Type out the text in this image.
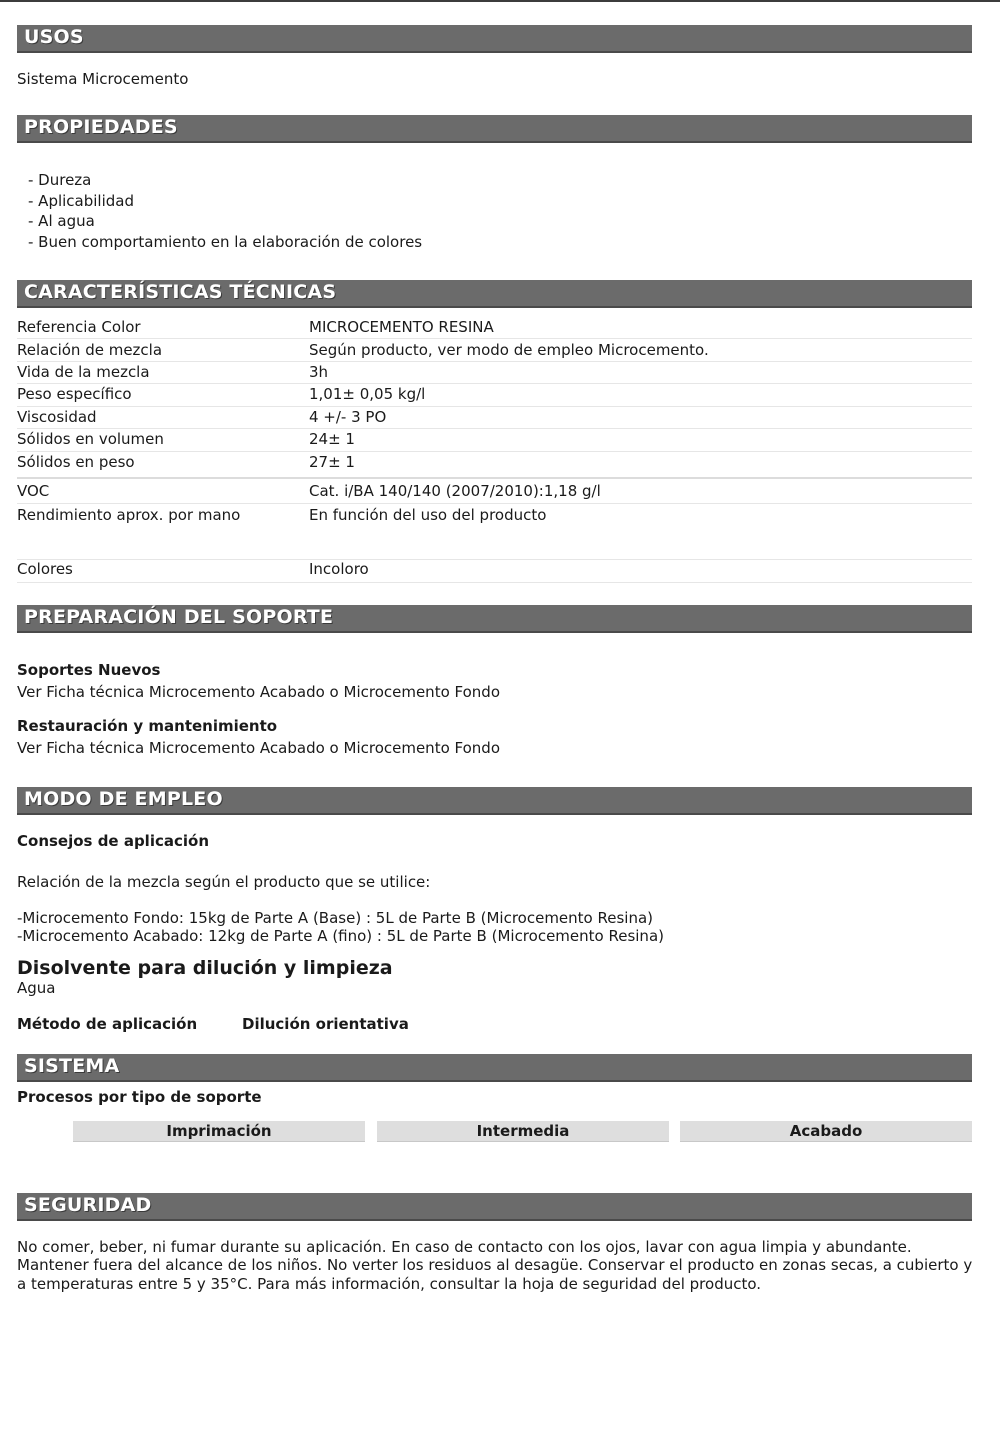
USOS
Sistema Microcemento
PROPIEDADES
- Dureza
- Aplicabilidad
- Al agua
- Buen comportamiento en la elaboración de colores
CARACTERÍSTICAS TÉCNICAS
Referencia Color	MICROCEMENTO RESINA
Relación de mezcla	Según producto, ver modo de empleo Microcemento.
Vida de la mezcla	3h
Peso específico	1,01± 0,05 kg/l
Viscosidad	4 +/- 3 PO
Sólidos en volumen	24± 1
Sólidos en peso	27± 1
VOC	Cat. i/BA 140/140 (2007/2010):1,18 g/l
Rendimiento aprox. por mano	En función del uso del producto
Colores	Incoloro
PREPARACIÓN DEL SOPORTE
Soportes Nuevos
Ver Ficha técnica Microcemento Acabado o Microcemento Fondo
Restauración y mantenimiento
Ver Ficha técnica Microcemento Acabado o Microcemento Fondo
MODO DE EMPLEO
Consejos de aplicación
Relación de la mezcla según el producto que se utilice:
-Microcemento Fondo: 15kg de Parte A (Base) : 5L de Parte B (Microcemento Resina)
-Microcemento Acabado: 12kg de Parte A (fino) : 5L de Parte B (Microcemento Resina)
Disolvente para dilución y limpieza
Agua
Método de aplicación	Dilución orientativa
SISTEMA
Procesos por tipo de soporte
Imprimación	Intermedia	Acabado
SEGURIDAD
No comer, beber, ni fumar durante su aplicación. En caso de contacto con los ojos, lavar con agua limpia y abundante.
Mantener fuera del alcance de los niños. No verter los residuos al desagüe. Conservar el producto en zonas secas, a cubierto y
a temperaturas entre 5 y 35°C. Para más información, consultar la hoja de seguridad del producto.
